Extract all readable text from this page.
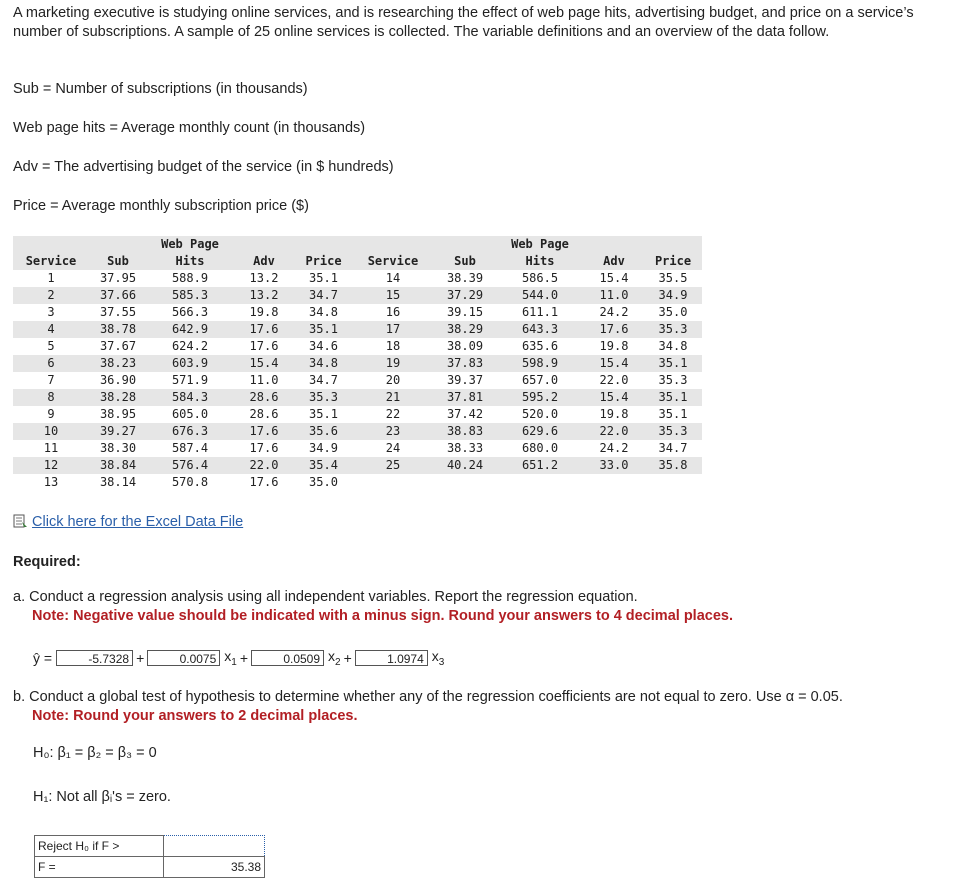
A marketing executive is studying online services, and is researching the effect of web page hits, advertising budget, and price on a service’s number of subscriptions. A sample of 25 online services is collected. The variable definitions and an overview of the data follow.
Sub = Number of subscriptions (in thousands)
Web page hits = Average monthly count (in thousands)
Adv = The advertising budget of the service (in $ hundreds)
Price = Average monthly subscription price ($)
		Web Page					Web Page		
Service	Sub	Hits	Adv	Price	Service	Sub	Hits	Adv	Price
1	37.95	588.9	13.2	35.1	14	38.39	586.5	15.4	35.5
2	37.66	585.3	13.2	34.7	15	37.29	544.0	11.0	34.9
3	37.55	566.3	19.8	34.8	16	39.15	611.1	24.2	35.0
4	38.78	642.9	17.6	35.1	17	38.29	643.3	17.6	35.3
5	37.67	624.2	17.6	34.6	18	38.09	635.6	19.8	34.8
6	38.23	603.9	15.4	34.8	19	37.83	598.9	15.4	35.1
7	36.90	571.9	11.0	34.7	20	39.37	657.0	22.0	35.3
8	38.28	584.3	28.6	35.3	21	37.81	595.2	15.4	35.1
9	38.95	605.0	28.6	35.1	22	37.42	520.0	19.8	35.1
10	39.27	676.3	17.6	35.6	23	38.83	629.6	22.0	35.3
11	38.30	587.4	17.6	34.9	24	38.33	680.0	24.2	34.7
12	38.84	576.4	22.0	35.4	25	40.24	651.2	33.0	35.8
13	38.14	570.8	17.6	35.0					
Click here for the Excel Data File
Required:
a. Conduct a regression analysis using all independent variables. Report the regression equation.
Note: Negative value should be indicated with a minus sign. Round your answers to 4 decimal places.
ŷ =	-5.7328 +	0.0075 $x_1$ +	0.0509 $x_2$ +	1.0974 $x_3$
b. Conduct a global test of hypothesis to determine whether any of the regression coefficients are not equal to zero. Use α = 0.05.
Note: Round your answers to 2 decimal places.
H₀: β₁ = β₂ = β₃ = 0
H₁: Not all βᵢ's = zero.
Reject H₀ if F >	
F =	35.38
